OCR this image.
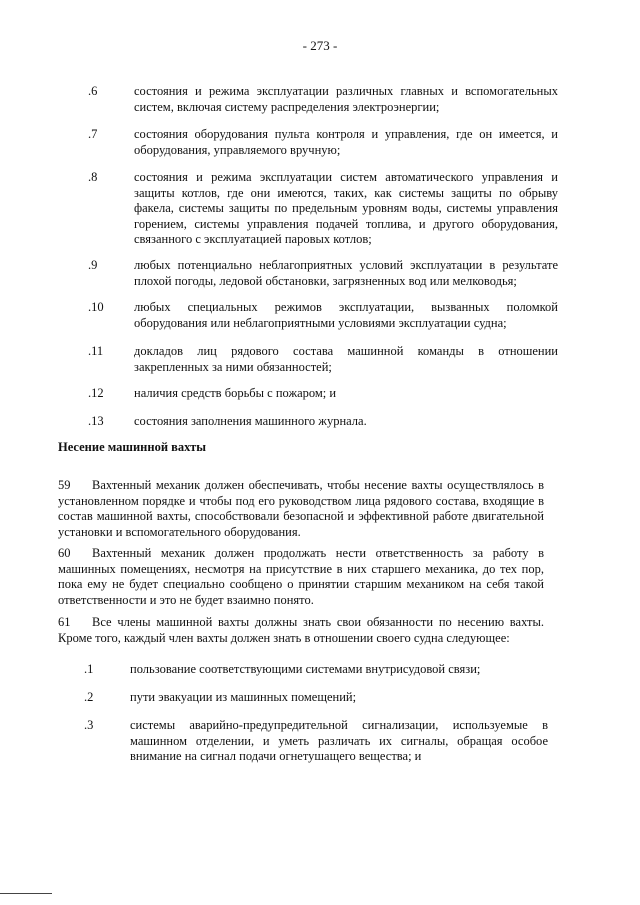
- 273 -
.6	состояния и режима эксплуатации различных главных и вспомогательных систем, включая систему распределения электроэнергии;
.7	состояния оборудования пульта контроля и управления, где он имеется, и оборудования, управляемого вручную;
.8	состояния и режима эксплуатации систем автоматического управления и защиты котлов, где они имеются, таких, как системы защиты по обрыву факела, системы защиты по предельным уровням воды, системы управления горением, системы управления подачей топлива, и другого оборудования, связанного с эксплуатацией паровых котлов;
.9	любых потенциально неблагоприятных условий эксплуатации в результате плохой погоды, ледовой обстановки, загрязненных вод или мелководья;
.10	любых специальных режимов эксплуатации, вызванных поломкой оборудования или неблагоприятными условиями эксплуатации судна;
.11	докладов лиц рядового состава машинной команды в отношении закрепленных за ними обязанностей;
.12	наличия средств борьбы с пожаром; и
.13	состояния заполнения машинного журнала.
Несение машинной вахты
59 Вахтенный механик должен обеспечивать, чтобы несение вахты осуществлялось в установленном порядке и чтобы под его руководством лица рядового состава, входящие в состав машинной вахты, способствовали безопасной и эффективной работе двигательной установки и вспомогательного оборудования.
60 Вахтенный механик должен продолжать нести ответственность за работу в машинных помещениях, несмотря на присутствие в них старшего механика, до тех пор, пока ему не будет специально сообщено о принятии старшим механиком на себя такой ответственности и это не будет взаимно понято.
61 Все члены машинной вахты должны знать свои обязанности по несению вахты. Кроме того, каждый член вахты должен знать в отношении своего судна следующее:
.1	пользование соответствующими системами внутрисудовой связи;
.2	пути эвакуации из машинных помещений;
.3	системы аварийно-предупредительной сигнализации, используемые в машинном отделении, и уметь различать их сигналы, обращая особое внимание на сигнал подачи огнетушащего вещества; и
